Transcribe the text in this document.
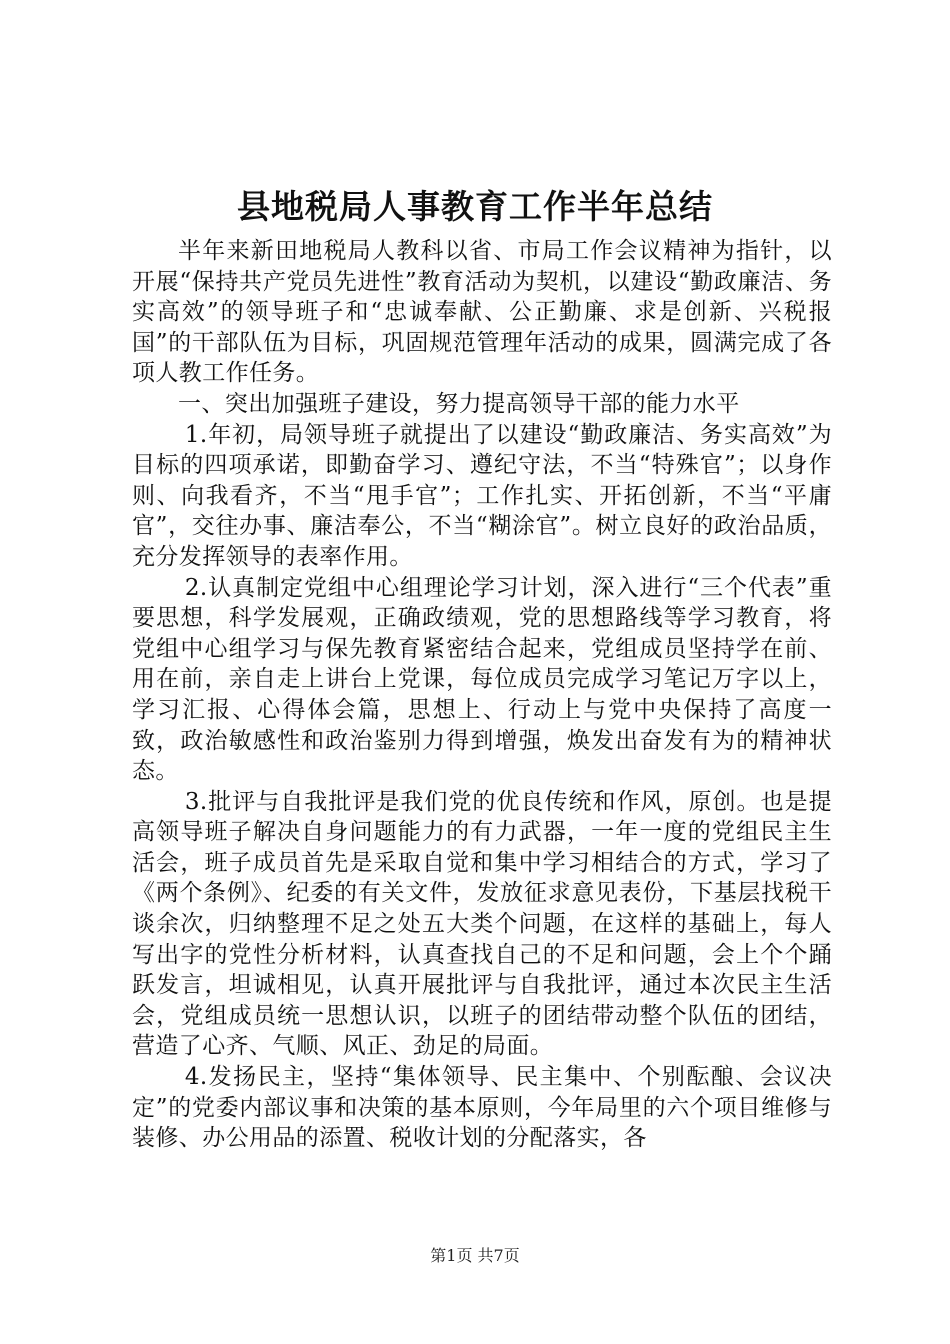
县地税局人事教育工作半年总结

半年来新田地税局人教科以省、市局工作会议精神为指针，以开展“保持共产党员先进性”教育活动为契机，以建设“勤政廉洁、务实高效”的领导班子和“忠诚奉献、公正勤廉、求是创新、兴税报国”的干部队伍为目标，巩固规范管理年活动的成果，圆满完成了各项人教工作任务。

一、突出加强班子建设，努力提高领导干部的能力水平

1.年初，局领导班子就提出了以建设“勤政廉洁、务实高效”为目标的四项承诺，即勤奋学习、遵纪守法，不当“特殊官”；以身作则、向我看齐，不当“甩手官”；工作扎实、开拓创新，不当“平庸官”，交往办事、廉洁奉公，不当“糊涂官”。树立良好的政治品质，充分发挥领导的表率作用。

2.认真制定党组中心组理论学习计划，深入进行“三个代表”重要思想，科学发展观，正确政绩观，党的思想路线等学习教育，将党组中心组学习与保先教育紧密结合起来，党组成员坚持学在前、用在前，亲自走上讲台上党课，每位成员完成学习笔记万字以上，学习汇报、心得体会篇，思想上、行动上与党中央保持了高度一致，政治敏感性和政治鉴别力得到增强，焕发出奋发有为的精神状态。

3.批评与自我批评是我们党的优良传统和作风，原创。也是提高领导班子解决自身问题能力的有力武器，一年一度的党组民主生活会，班子成员首先是采取自觉和集中学习相结合的方式，学习了《两个条例》、纪委的有关文件，发放征求意见表份，下基层找税干谈余次，归纳整理不足之处五大类个问题，在这样的基础上，每人写出字的党性分析材料，认真查找自己的不足和问题，会上个个踊跃发言，坦诚相见，认真开展批评与自我批评，通过本次民主生活会，党组成员统一思想认识，以班子的团结带动整个队伍的团结，营造了心齐、气顺、风正、劲足的局面。

4.发扬民主，坚持“集体领导、民主集中、个别酝酿、会议决定”的党委内部议事和决策的基本原则，今年局里的六个项目维修与装修、办公用品的添置、税收计划的分配落实，各

第1页 共7页
